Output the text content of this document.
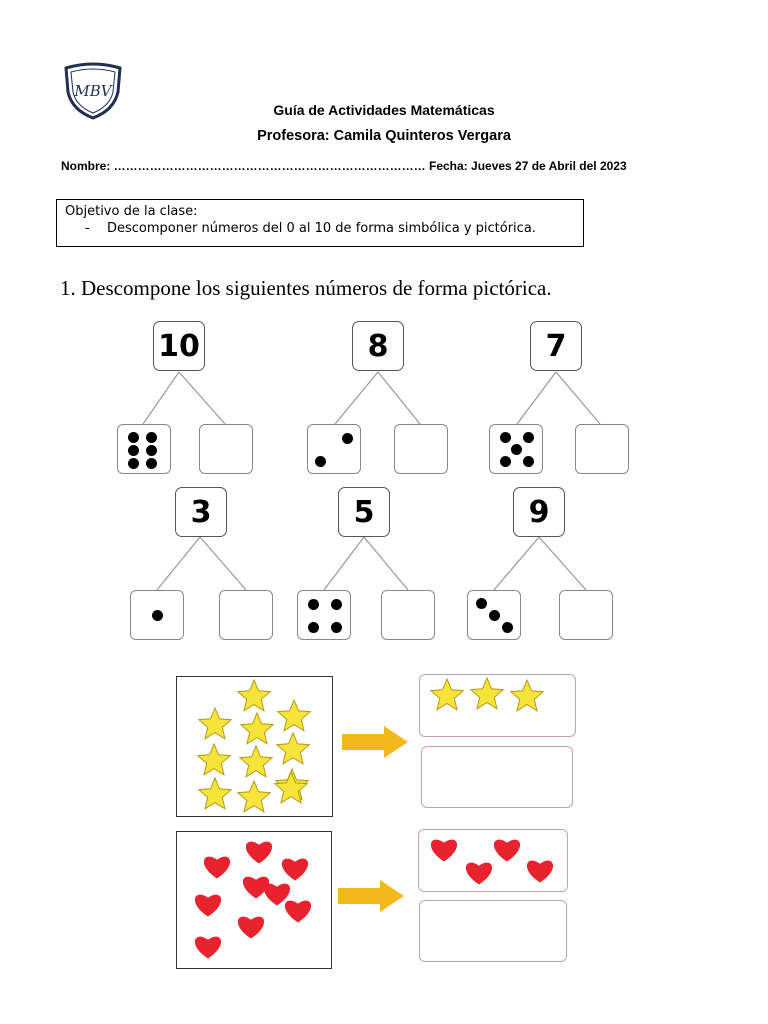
MBV
Guía de Actividades Matemáticas
Profesora: Camila Quinteros Vergara
Nombre: …………………………………………………………………… Fecha: Jueves 27 de Abril del 2023
Objetivo de la clase:
- Descomponer números del 0 al 10 de forma simbólica y pictórica.
1. Descompone los siguientes números de forma pictórica.
10	8	7
3	5	9
